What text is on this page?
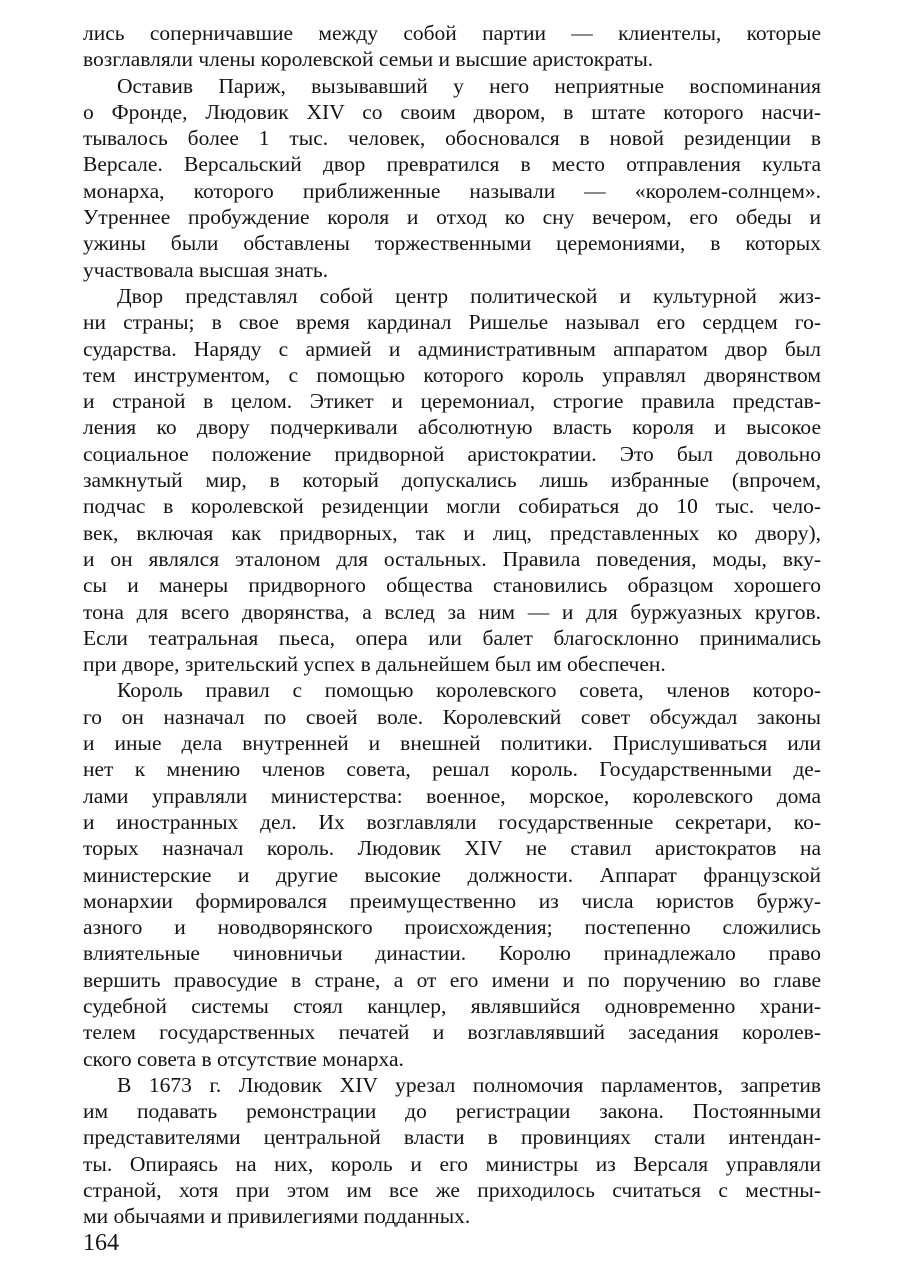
лись соперничавшие между собой партии — клиентелы, которые
возглавляли члены королевской семьи и высшие аристократы.
Оставив Париж, вызывавший у него неприятные воспоминания
о Фронде, Людовик XIV со своим двором, в штате которого насчи-
тывалось более 1 тыс. человек, обосновался в новой резиденции в
Версале. Версальский двор превратился в место отправления культа
монарха, которого приближенные называли — «королем-солнцем».
Утреннее пробуждение короля и отход ко сну вечером, его обеды и
ужины были обставлены торжественными церемониями, в которых
участвовала высшая знать.
Двор представлял собой центр политической и культурной жиз-
ни страны; в свое время кардинал Ришелье называл его сердцем го-
сударства. Наряду с армией и административным аппаратом двор был
тем инструментом, с помощью которого король управлял дворянством
и страной в целом. Этикет и церемониал, строгие правила представ-
ления ко двору подчеркивали абсолютную власть короля и высокое
социальное положение придворной аристократии. Это был довольно
замкнутый мир, в который допускались лишь избранные (впрочем,
подчас в королевской резиденции могли собираться до 10 тыс. чело-
век, включая как придворных, так и лиц, представленных ко двору),
и он являлся эталоном для остальных. Правила поведения, моды, вку-
сы и манеры придворного общества становились образцом хорошего
тона для всего дворянства, а вслед за ним — и для буржуазных кругов.
Если театральная пьеса, опера или балет благосклонно принимались
при дворе, зрительский успех в дальнейшем был им обеспечен.
Король правил с помощью королевского совета, членов которо-
го он назначал по своей воле. Королевский совет обсуждал законы
и иные дела внутренней и внешней политики. Прислушиваться или
нет к мнению членов совета, решал король. Государственными де-
лами управляли министерства: военное, морское, королевского дома
и иностранных дел. Их возглавляли государственные секретари, ко-
торых назначал король. Людовик XIV не ставил аристократов на
министерские и другие высокие должности. Аппарат французской
монархии формировался преимущественно из числа юристов буржу-
азного и новодворянского происхождения; постепенно сложились
влиятельные чиновничьи династии. Королю принадлежало право
вершить правосудие в стране, а от его имени и по поручению во главе
судебной системы стоял канцлер, являвшийся одновременно храни-
телем государственных печатей и возглавлявший заседания королев-
ского совета в отсутствие монарха.
В 1673 г. Людовик XIV урезал полномочия парламентов, запретив
им подавать ремонстрации до регистрации закона. Постоянными
представителями центральной власти в провинциях стали интендан-
ты. Опираясь на них, король и его министры из Версаля управляли
страной, хотя при этом им все же приходилось считаться с местны-
ми обычаями и привилегиями подданных.
164
